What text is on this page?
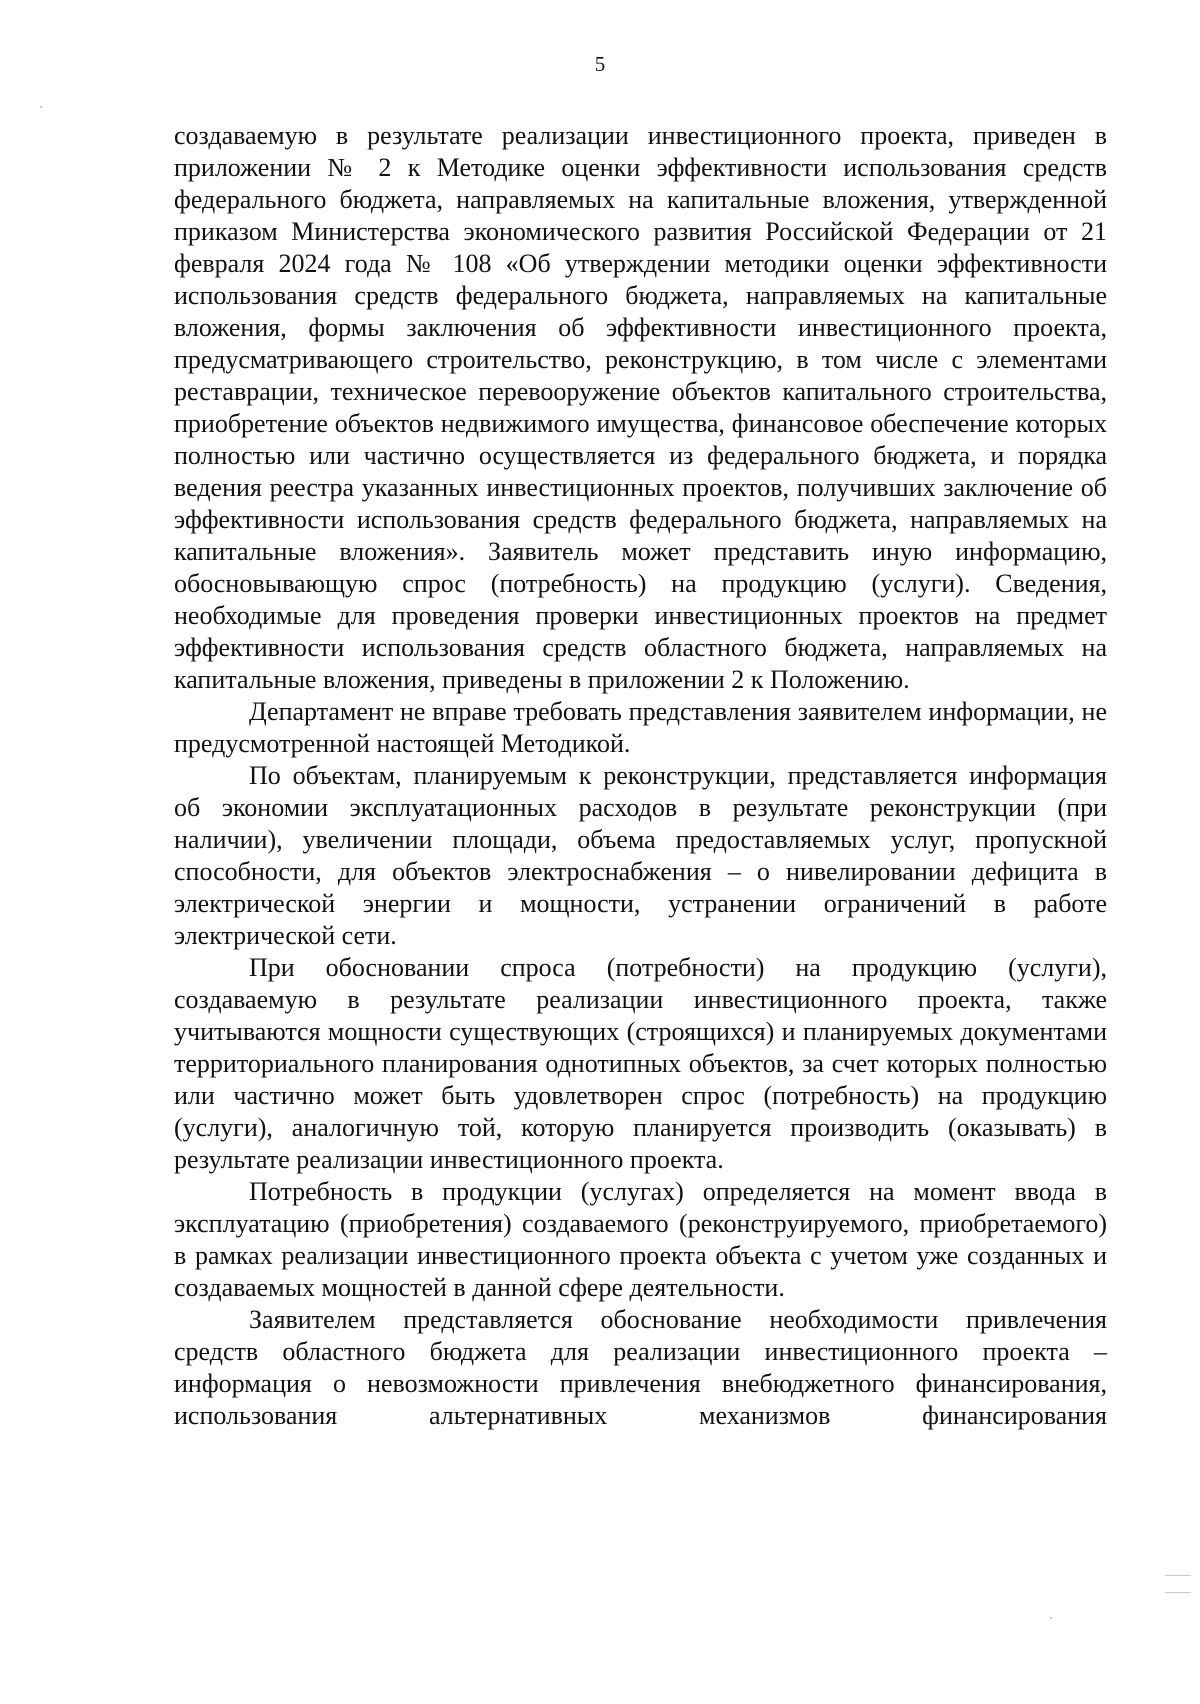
5

создаваемую в результате реализации инвестиционного проекта, приведен в приложении № 2 к Методике оценки эффективности использования средств федерального бюджета, направляемых на капитальные вложения, утвержденной приказом Министерства экономического развития Российской Федерации от 21 февраля 2024 года № 108 «Об утверждении методики оценки эффективности использования средств федерального бюджета, направляемых на капитальные вложения, формы заключения об эффективности инвестиционного проекта, предусматривающего строительство, реконструкцию, в том числе с элементами реставрации, техническое перевооружение объектов капитального строительства, приобретение объектов недвижимого имущества, финансовое обеспечение которых полностью или частично осуществляется из федерального бюджета, и порядка ведения реестра указанных инвестиционных проектов, получивших заключение об эффективности использования средств федерального бюджета, направляемых на капитальные вложения». Заявитель может представить иную информацию, обосновывающую спрос (потребность) на продукцию (услуги). Сведения, необходимые для проведения проверки инвестиционных проектов на предмет эффективности использования средств областного бюджета, направляемых на капитальные вложения, приведены в приложении 2 к Положению.

Департамент не вправе требовать представления заявителем информации, не предусмотренной настоящей Методикой.

По объектам, планируемым к реконструкции, представляется информация об экономии эксплуатационных расходов в результате реконструкции (при наличии), увеличении площади, объема предоставляемых услуг, пропускной способности, для объектов электроснабжения – о нивелировании дефицита в электрической энергии и мощности, устранении ограничений в работе электрической сети.

При обосновании спроса (потребности) на продукцию (услуги), создаваемую в результате реализации инвестиционного проекта, также учитываются мощности существующих (строящихся) и планируемых документами территориального планирования однотипных объектов, за счет которых полностью или частично может быть удовлетворен спрос (потребность) на продукцию (услуги), аналогичную той, которую планируется производить (оказывать) в результате реализации инвестиционного проекта.

Потребность в продукции (услугах) определяется на момент ввода в эксплуатацию (приобретения) создаваемого (реконструируемого, приобретаемого) в рамках реализации инвестиционного проекта объекта с учетом уже созданных и создаваемых мощностей в данной сфере деятельности.

Заявителем представляется обоснование необходимости привлечения средств областного бюджета для реализации инвестиционного проекта – информация о невозможности привлечения внебюджетного финансирования, использования альтернативных механизмов финансирования
